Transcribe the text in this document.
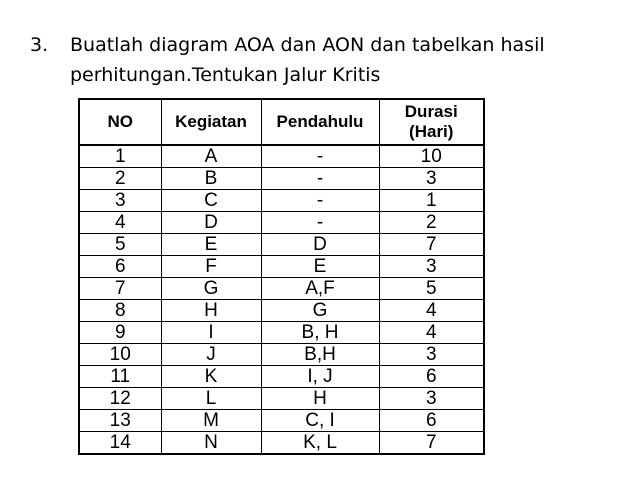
3.	Buatlah diagram AOA dan AON dan tabelkan hasil
perhitungan.Tentukan Jalur Kritis
NO	Kegiatan	Pendahulu	Durasi
(Hari)

1	A	-	10
2	B	-	3
3	C	-	1
4	D	-	2
5	E	D	7
6	F	E	3
7	G	A,F	5
8	H	G	4
9	I	B, H	4
10	J	B,H	3
11	K	I, J	6
12	L	H	3
13	M	C, I	6
14	N	K, L	7
